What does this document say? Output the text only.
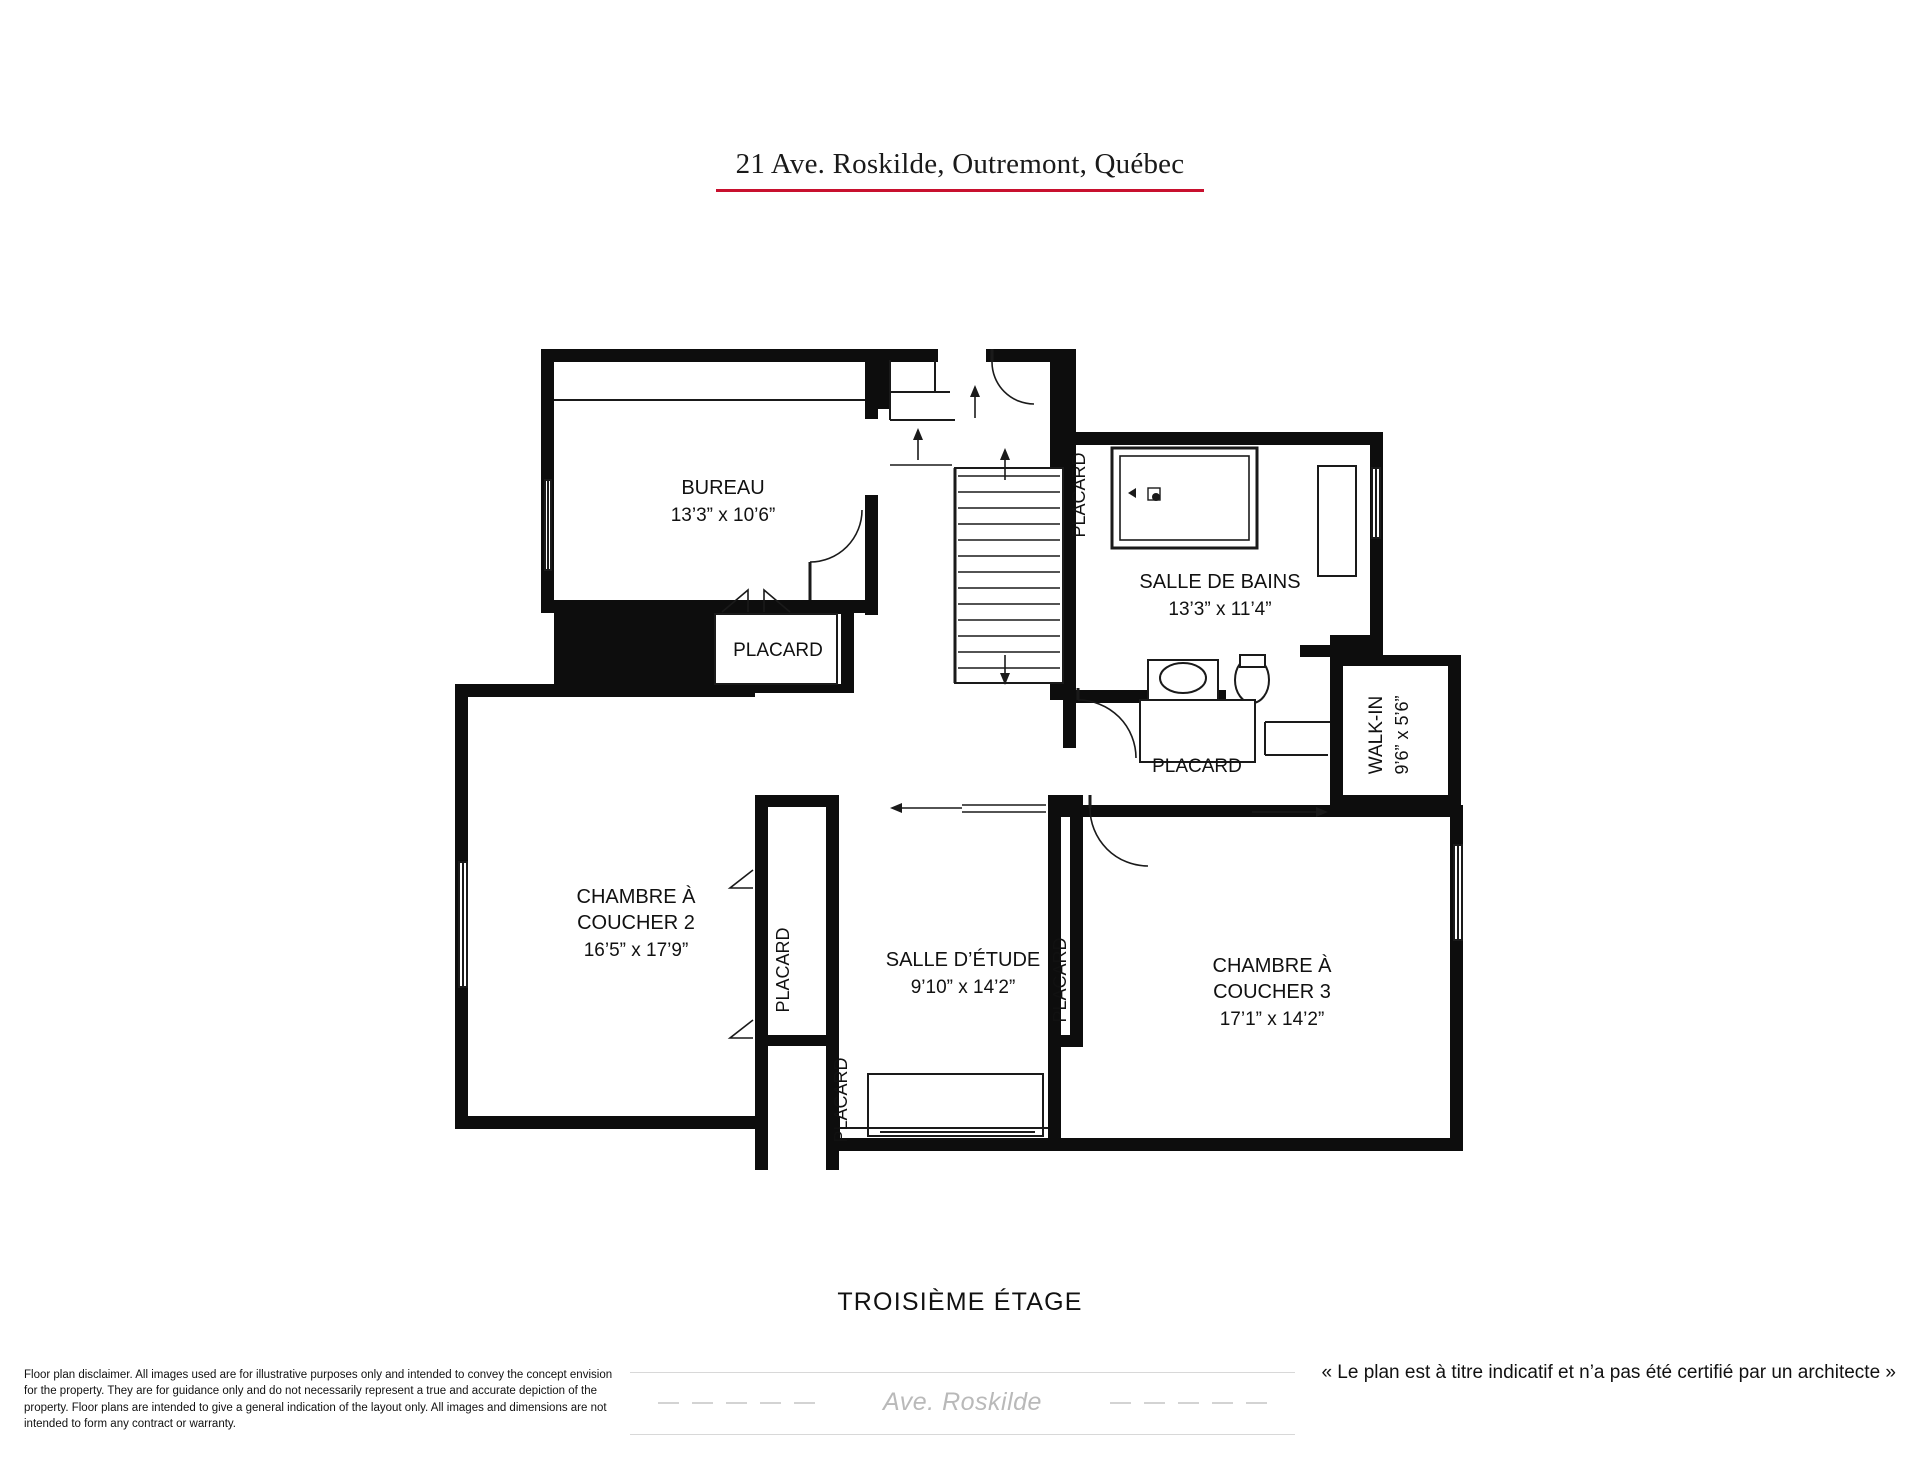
21 Ave. Roskilde, Outremont, Québec
BUREAU
13’3” x 10’6”
SALLE DE BAINS
13’3” x 11’4”
CHAMBRE À
COUCHER 2
16’5” x 17’9”	SALLE D’ÉTUDE
9’10” x 14’2”
CHAMBRE À
COUCHER 3
17’1” x 14’2”
WALK-IN 9’6” x 5’6”
PLACARD
PLACARD
PLACARD
PLACARD	PLACARD
PLACARD
TROISIÈME ÉTAGE
« Le plan est à titre indicatif et n’a pas été certifié par un architecte »
Floor plan disclaimer. All images used are for illustrative purposes only and intended to convey the concept envision for the property. They are for guidance only and do not necessarily represent a true and accurate depiction of the property. Floor plans are intended to give a general indication of the layout only. All images and dimensions are not intended to form any contract or warranty.
Ave. Roskilde
